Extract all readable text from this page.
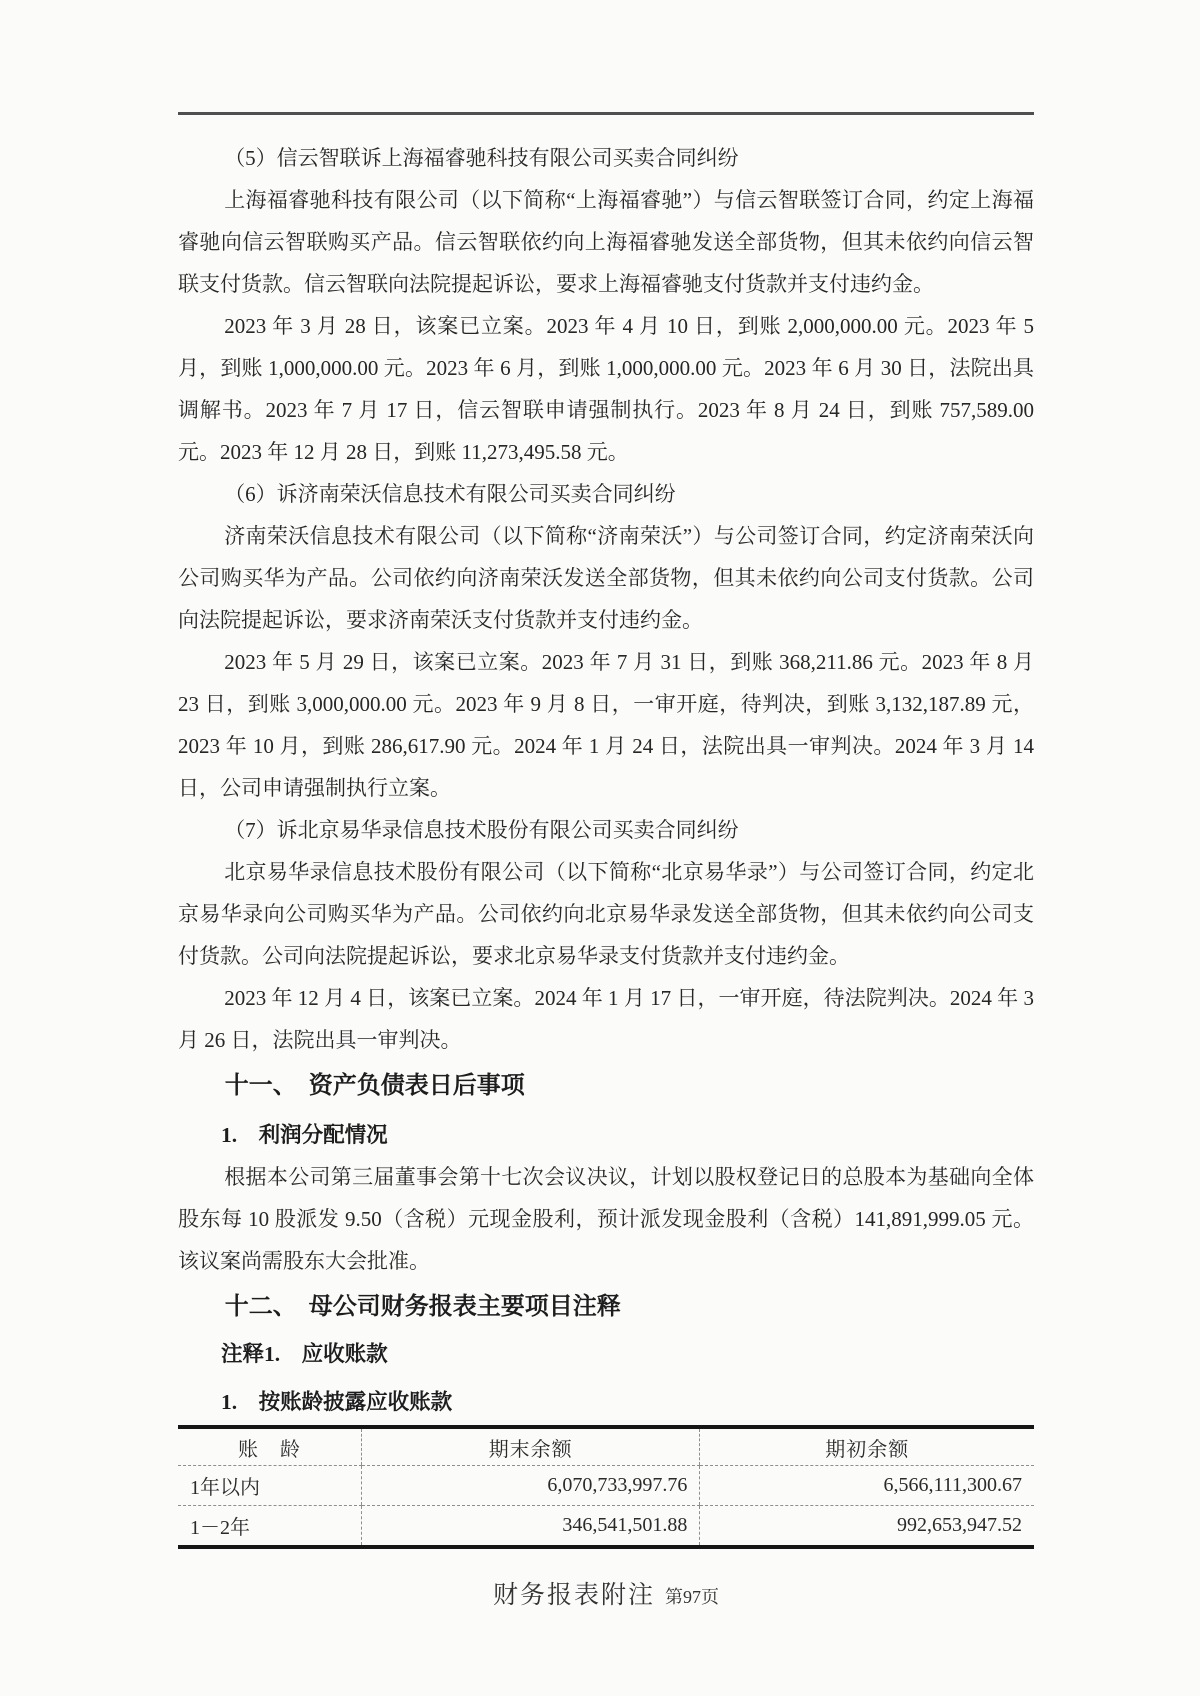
（5）信云智联诉上海福睿驰科技有限公司买卖合同纠纷

上海福睿驰科技有限公司（以下简称“上海福睿驰”）与信云智联签订合同，约定上海福睿驰向信云智联购买产品。信云智联依约向上海福睿驰发送全部货物，但其未依约向信云智联支付货款。信云智联向法院提起诉讼，要求上海福睿驰支付货款并支付违约金。

2023 年 3 月 28 日，该案已立案。2023 年 4 月 10 日，到账 2,000,000.00 元。2023 年 5 月，到账 1,000,000.00 元。2023 年 6 月，到账 1,000,000.00 元。2023 年 6 月 30 日，法院出具调解书。2023 年 7 月 17 日，信云智联申请强制执行。2023 年 8 月 24 日，到账 757,589.00 元。2023 年 12 月 28 日，到账 11,273,495.58 元。

（6）诉济南荣沃信息技术有限公司买卖合同纠纷

济南荣沃信息技术有限公司（以下简称“济南荣沃”）与公司签订合同，约定济南荣沃向公司购买华为产品。公司依约向济南荣沃发送全部货物，但其未依约向公司支付货款。公司向法院提起诉讼，要求济南荣沃支付货款并支付违约金。

2023 年 5 月 29 日，该案已立案。2023 年 7 月 31 日，到账 368,211.86 元。2023 年 8 月 23 日，到账 3,000,000.00 元。2023 年 9 月 8 日，一审开庭，待判决，到账 3,132,187.89 元，2023 年 10 月，到账 286,617.90 元。2024 年 1 月 24 日，法院出具一审判决。2024 年 3 月 14 日，公司申请强制执行立案。

（7）诉北京易华录信息技术股份有限公司买卖合同纠纷

北京易华录信息技术股份有限公司（以下简称“北京易华录”）与公司签订合同，约定北京易华录向公司购买华为产品。公司依约向北京易华录发送全部货物，但其未依约向公司支付货款。公司向法院提起诉讼，要求北京易华录支付货款并支付违约金。

2023 年 12 月 4 日，该案已立案。2024 年 1 月 17 日，一审开庭，待法院判决。2024 年 3 月 26 日，法院出具一审判决。

十一、　资产负债表日后事项
1.　利润分配情况

根据本公司第三届董事会第十七次会议决议，计划以股权登记日的总股本为基础向全体股东每 10 股派发 9.50（含税）元现金股利，预计派发现金股利（含税）141,891,999.05 元。该议案尚需股东大会批准。

十二、　母公司财务报表主要项目注释
注释1.　应收账款
1.　按账龄披露应收账款
账　龄	期末余额	期初余额
1年以内	6,070,733,997.76	6,566,111,300.67
1－2年	346,541,501.88	992,653,947.52
财务报表附注 第97页
